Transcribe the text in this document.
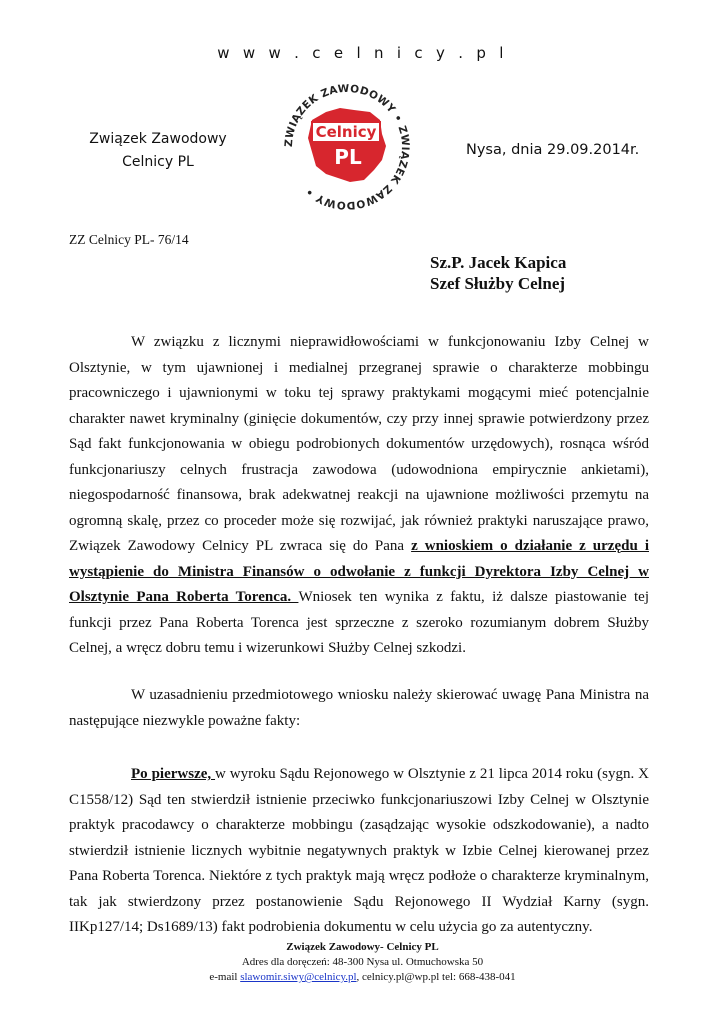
w w w . c e l n i c y . p l
Związek Zawodowy
Celnicy PL
ZWIĄZEK ZAWODOWY • ZWIĄZEK ZAWODOWY •
Celnicy
PL	Nysa, dnia 29.09.2014r.
ZZ Celnicy PL- 76/14
Sz.P. Jacek Kapica
Szef Służby Celnej
W związku z licznymi nieprawidłowościami w funkcjonowaniu Izby Celnej w Olsztynie, w tym ujawnionej i medialnej przegranej sprawie o charakterze mobbingu pracowniczego i ujawnionymi w toku tej sprawy praktykami mogącymi mieć potencjalnie charakter nawet kryminalny (ginięcie dokumentów, czy przy innej sprawie potwierdzony przez Sąd fakt funkcjonowania w obiegu podrobionych dokumentów urzędowych), rosnąca wśród funkcjonariuszy celnych frustracja zawodowa (udowodniona empirycznie ankietami), niegospodarność finansowa, brak adekwatnej reakcji na ujawnione możliwości przemytu na ogromną skalę, przez co proceder może się rozwijać, jak również praktyki naruszające prawo, Związek Zawodowy Celnicy PL zwraca się do Pana z wnioskiem o działanie z urzędu i wystąpienie do Ministra Finansów o odwołanie z funkcji Dyrektora Izby Celnej w Olsztynie Pana Roberta Torenca. Wniosek ten wynika z faktu, iż dalsze piastowanie tej funkcji przez Pana Roberta Torenca jest sprzeczne z szeroko rozumianym dobrem Służby Celnej, a wręcz dobru temu i wizerunkowi Służby Celnej szkodzi.
W uzasadnieniu przedmiotowego wniosku należy skierować uwagę Pana Ministra na następujące niezwykle poważne fakty:
Po pierwsze, w wyroku Sądu Rejonowego w Olsztynie z 21 lipca 2014 roku (sygn. X C1558/12) Sąd ten stwierdził istnienie przeciwko funkcjonariuszowi Izby Celnej w Olsztynie praktyk pracodawcy o charakterze mobbingu (zasądzając wysokie odszkodowanie), a nadto stwierdził istnienie licznych wybitnie negatywnych praktyk w Izbie Celnej kierowanej przez Pana Roberta Torenca. Niektóre z tych praktyk mają wręcz podłoże o charakterze kryminalnym, tak jak stwierdzony przez postanowienie Sądu Rejonowego II Wydział Karny (sygn. IIKp127/14; Ds1689/13) fakt podrobienia dokumentu w celu użycia go za autentyczny.
Związek Zawodowy- Celnicy PL
Adres dla doręczeń: 48-300 Nysa ul. Otmuchowska 50
e-mail slawomir.siwy@celnicy.pl, celnicy.pl@wp.pl tel: 668-438-041
